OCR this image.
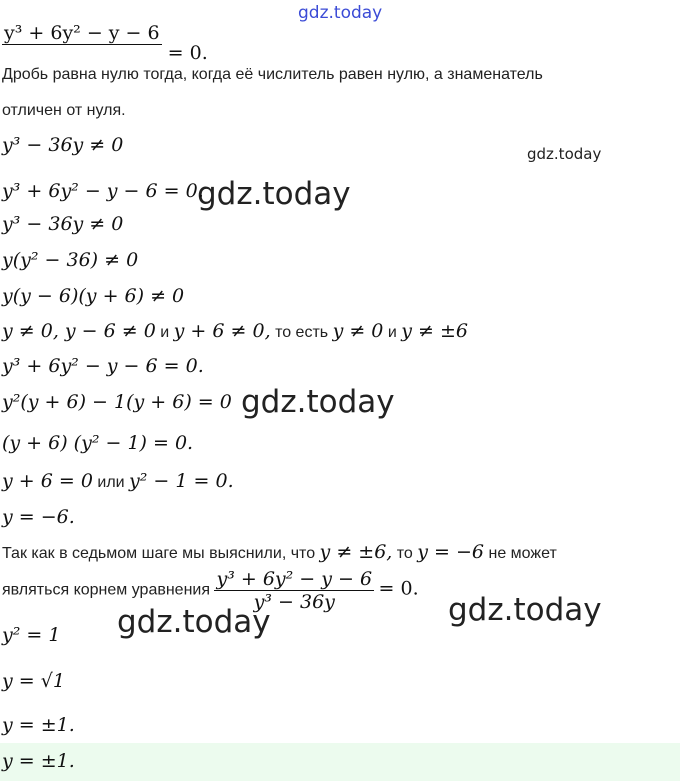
gdz.today
gdz.today
gdz.today
gdz.today
gdz.today
gdz.today
y³ + 6y² − y − 6
= 0.
Дробь равна нулю тогда, когда её числитель равен нулю, а знаменатель
отличен от нуля.
y³ − 36y ≠ 0
y³ + 6y² − y − 6 = 0.
y³ − 36y ≠ 0
y(y² − 36) ≠ 0
y(y − 6)(y + 6) ≠ 0
y ≠ 0, y − 6 ≠ 0 и y + 6 ≠ 0, то есть y ≠ 0 и y ≠ ±6
y³ + 6y² − y − 6 = 0.
y²(y + 6) − 1(y + 6) = 0
(y + 6) (y² − 1) = 0.
y + 6 = 0 или y² − 1 = 0.
y = −6.
Так как в седьмом шаге мы выяснили, что y ≠ ±6, то y = −6 не может
являться корнем уравнения $\frac{\text{y³ + 6y² − y − 6}}{\text{y³ − 36y}} = 0$.
y² = 1
y = √1
y = ±1.
y = ±1.
